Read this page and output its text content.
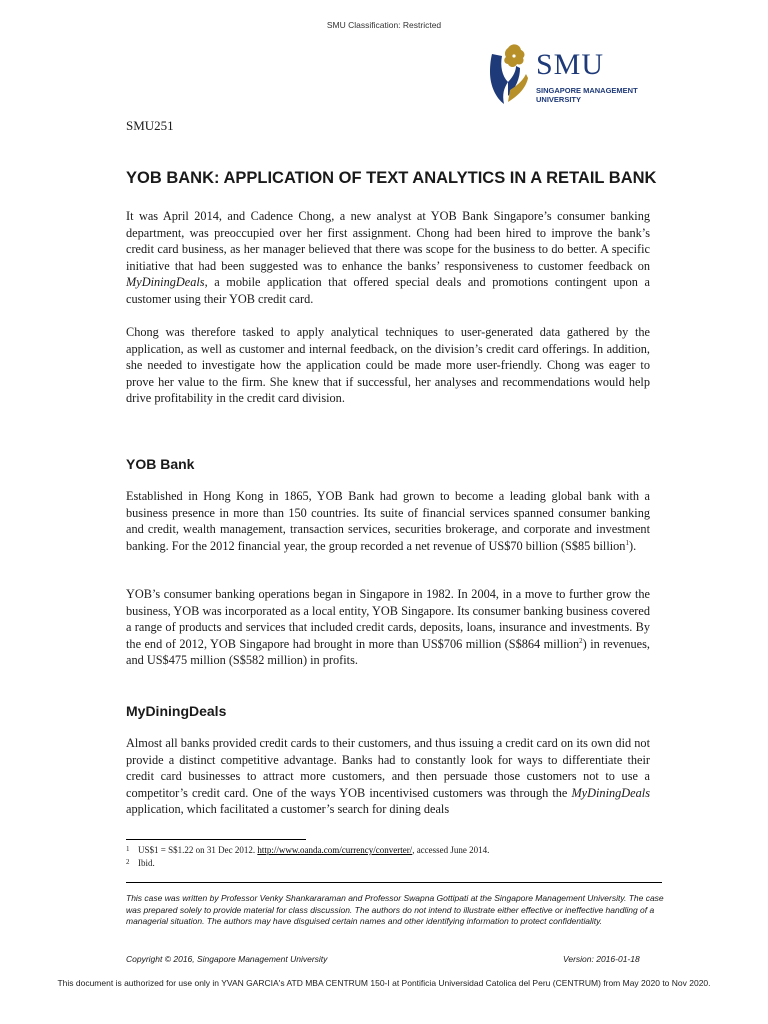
SMU Classification: Restricted
SMU
SINGAPORE MANAGEMENT
UNIVERSITY
SMU251
YOB BANK: APPLICATION OF TEXT ANALYTICS IN A RETAIL BANK

It was April 2014, and Cadence Chong, a new analyst at YOB Bank Singapore’s consumer banking department, was preoccupied over her first assignment. Chong had been hired to improve the bank’s credit card business, as her manager believed that there was scope for the business to do better. A specific initiative that had been suggested was to enhance the banks’ responsiveness to customer feedback on MyDiningDeals, a mobile application that offered special deals and promotions contingent upon a customer using their YOB credit card.

Chong was therefore tasked to apply analytical techniques to user-generated data gathered by the application, as well as customer and internal feedback, on the division’s credit card offerings. In addition, she needed to investigate how the application could be made more user-friendly. Chong was eager to prove her value to the firm. She knew that if successful, her analyses and recommendations would help drive profitability in the credit card division.

YOB Bank

Established in Hong Kong in 1865, YOB Bank had grown to become a leading global bank with a business presence in more than 150 countries. Its suite of financial services spanned consumer banking and credit, wealth management, transaction services, securities brokerage, and corporate and investment banking. For the 2012 financial year, the group recorded a net revenue of US$70 billion (S$85 billion$^1$).

YOB’s consumer banking operations began in Singapore in 1982. In 2004, in a move to further grow the business, YOB was incorporated as a local entity, YOB Singapore. Its consumer banking business covered a range of products and services that included credit cards, deposits, loans, insurance and investments. By the end of 2012, YOB Singapore had brought in more than US$706 million (S$864 million$^2$) in revenues, and US$475 million (S$582 million) in profits.

MyDiningDeals

Almost all banks provided credit cards to their customers, and thus issuing a credit card on its own did not provide a distinct competitive advantage. Banks had to constantly look for ways to differentiate their credit card businesses to attract more customers, and then persuade those customers not to use a competitor’s credit card. One of the ways YOB incentivised customers was through the MyDiningDeals application, which facilitated a customer’s search for dining deals

1 US$1 = S$1.22 on 31 Dec 2012. http://www.oanda.com/currency/converter/, accessed June 2014.
2 Ibid.
This case was written by Professor Venky Shankararaman and Professor Swapna Gottipati at the Singapore Management University. The case was prepared solely to provide material for class discussion. The authors do not intend to illustrate either effective or ineffective handling of a managerial situation. The authors may have disguised certain names and other identifying information to protect confidentiality.
Copyright © 2016, Singapore Management University	Version: 2016-01-18
This document is authorized for use only in YVAN GARCIA's ATD MBA CENTRUM 150-I at Pontificia Universidad Catolica del Peru (CENTRUM) from May 2020 to Nov 2020.
